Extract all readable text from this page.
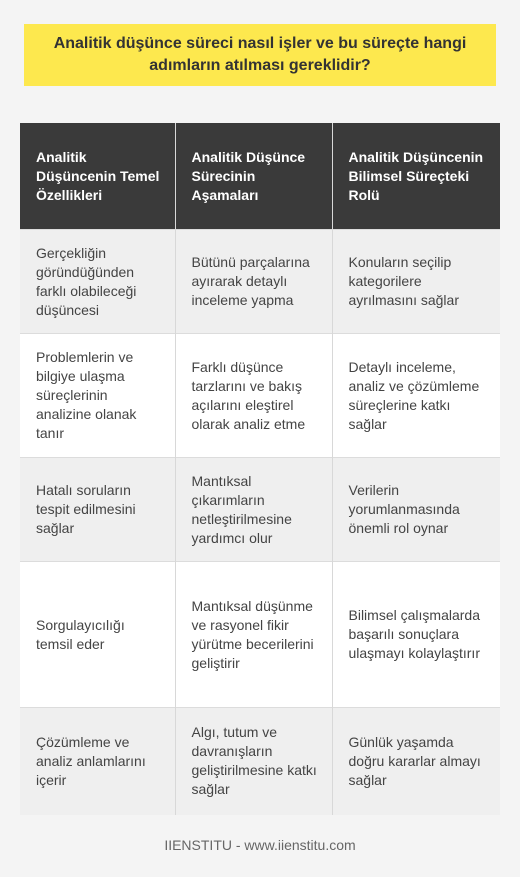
Analitik düşünce süreci nasıl işler ve bu süreçte hangi adımların atılması gereklidir?
Analitik Düşüncenin Temel Özellikleri	Analitik Düşünce Sürecinin Aşamaları	Analitik Düşüncenin Bilimsel Süreçteki Rolü
Gerçekliğin göründüğünden farklı olabileceği düşüncesi	Bütünü parçalarına ayırarak detaylı inceleme yapma	Konuların seçilip kategorilere ayrılmasını sağlar
Problemlerin ve bilgiye ulaşma süreçlerinin analizine olanak tanır	Farklı düşünce tarzlarını ve bakış açılarını eleştirel olarak analiz etme	Detaylı inceleme, analiz ve çözümleme süreçlerine katkı sağlar
Hatalı soruların tespit edilmesini sağlar	Mantıksal çıkarımların netleştirilmesine yardımcı olur	Verilerin yorumlanmasında önemli rol oynar
Sorgulayıcılığı temsil eder	Mantıksal düşünme ve rasyonel fikir yürütme becerilerini geliştirir	Bilimsel çalışmalarda başarılı sonuçlara ulaşmayı kolaylaştırır
Çözümleme ve analiz anlamlarını içerir	Algı, tutum ve davranışların geliştirilmesine katkı sağlar	Günlük yaşamda doğru kararlar almayı sağlar
IIENSTITU - www.iienstitu.com
